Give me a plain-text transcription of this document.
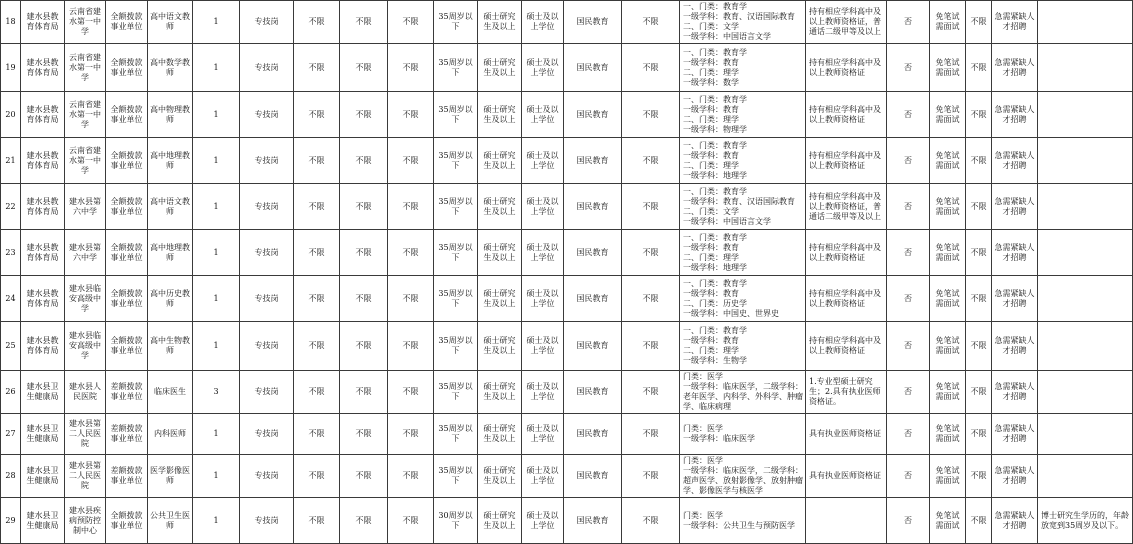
18	建水县教育体育局	云南省建水第一中学	全额拨款事业单位	高中语文教师	1	专技岗	不限	不限	不限	35周岁以下	硕士研究生及以上	硕士及以上学位	国民教育	不限	一、门类：教育学
一级学科：教育、汉语国际教育
二、门类：文学
一级学科：中国语言文学	持有相应学科高中及以上教师资格证，普通话二级甲等及以上	否	免笔试需面试	不限	急需紧缺人才招聘	

19	建水县教育体育局	云南省建水第一中学	全额拨款事业单位	高中数学教师	1	专技岗	不限	不限	不限	35周岁以下	硕士研究生及以上	硕士及以上学位	国民教育	不限	一、门类：教育学
一级学科：教育
二、门类：理学
一级学科：数学	持有相应学科高中及以上教师资格证	否	免笔试需面试	不限	急需紧缺人才招聘	

20	建水县教育体育局	云南省建水第一中学	全额拨款事业单位	高中物理教师	1	专技岗	不限	不限	不限	35周岁以下	硕士研究生及以上	硕士及以上学位	国民教育	不限	一、门类：教育学
一级学科：教育
二、门类：理学
一级学科：物理学	持有相应学科高中及以上教师资格证	否	免笔试需面试	不限	急需紧缺人才招聘	

21	建水县教育体育局	云南省建水第一中学	全额拨款事业单位	高中地理教师	1	专技岗	不限	不限	不限	35周岁以下	硕士研究生及以上	硕士及以上学位	国民教育	不限	一、门类：教育学
一级学科：教育
二、门类：理学
一级学科：地理学	持有相应学科高中及以上教师资格证	否	免笔试需面试	不限	急需紧缺人才招聘	

22	建水县教育体育局	建水县第六中学	全额拨款事业单位	高中语文教师	1	专技岗	不限	不限	不限	35周岁以下	硕士研究生及以上	硕士及以上学位	国民教育	不限	一、门类：教育学
一级学科：教育、汉语国际教育
二、门类：文学
一级学科：中国语言文学	持有相应学科高中及以上教师资格证，普通话二级甲等及以上	否	免笔试需面试	不限	急需紧缺人才招聘	

23	建水县教育体育局	建水县第六中学	全额拨款事业单位	高中地理教师	1	专技岗	不限	不限	不限	35周岁以下	硕士研究生及以上	硕士及以上学位	国民教育	不限	一、门类：教育学
一级学科：教育
二、门类：理学
一级学科：地理学	持有相应学科高中及以上教师资格证	否	免笔试需面试	不限	急需紧缺人才招聘	

24	建水县教育体育局	建水县临安高级中学	全额拨款事业单位	高中历史教师	1	专技岗	不限	不限	不限	35周岁以下	硕士研究生及以上	硕士及以上学位	国民教育	不限	一、门类：教育学
一级学科：教育
二、门类：历史学
一级学科：中国史、世界史	持有相应学科高中及以上教师资格证	否	免笔试需面试	不限	急需紧缺人才招聘	

25	建水县教育体育局	建水县临安高级中学	全额拨款事业单位	高中生物教师	1	专技岗	不限	不限	不限	35周岁以下	硕士研究生及以上	硕士及以上学位	国民教育	不限	一、门类：教育学
一级学科：教育
二、门类：理学
一级学科：生物学	持有相应学科高中及以上教师资格证	否	免笔试需面试	不限	急需紧缺人才招聘	

26	建水县卫生健康局	建水县人民医院	差额拨款事业单位	临床医生	3	专技岗	不限	不限	不限	35周岁以下	硕士研究生及以上	硕士及以上学位	国民教育	不限	门类：医学
一级学科：临床医学，二级学科：
老年医学、内科学、外科学、肿瘤
学、临床病理	1.专业型硕士研究生；2.具有执业医师资格证。	否	免笔试需面试	不限	急需紧缺人才招聘	

27	建水县卫生健康局	建水县第二人民医院	差额拨款事业单位	内科医师	1	专技岗	不限	不限	不限	35周岁以下	硕士研究生及以上	硕士及以上学位	国民教育	不限	门类：医学
一级学科：临床医学	具有执业医师资格证	否	免笔试需面试	不限	急需紧缺人才招聘	

28	建水县卫生健康局	建水县第二人民医院	差额拨款事业单位	医学影像医师	1	专技岗	不限	不限	不限	35周岁以下	硕士研究生及以上	硕士及以上学位	国民教育	不限	门类：医学
一级学科：临床医学，二级学科：
超声医学、放射影像学、放射肿瘤
学、影像医学与核医学	具有执业医师资格证	否	免笔试需面试	不限	急需紧缺人才招聘	

29	建水县卫生健康局	建水县疾病预防控制中心	全额拨款事业单位	公共卫生医师	1	专技岗	不限	不限	不限	30周岁以下	硕士研究生及以上	硕士及以上学位	国民教育	不限	门类：医学
一级学科：公共卫生与预防医学		否	免笔试需面试	不限	急需紧缺人才招聘	博士研究生学历的，年龄放宽到35周岁及以下。
